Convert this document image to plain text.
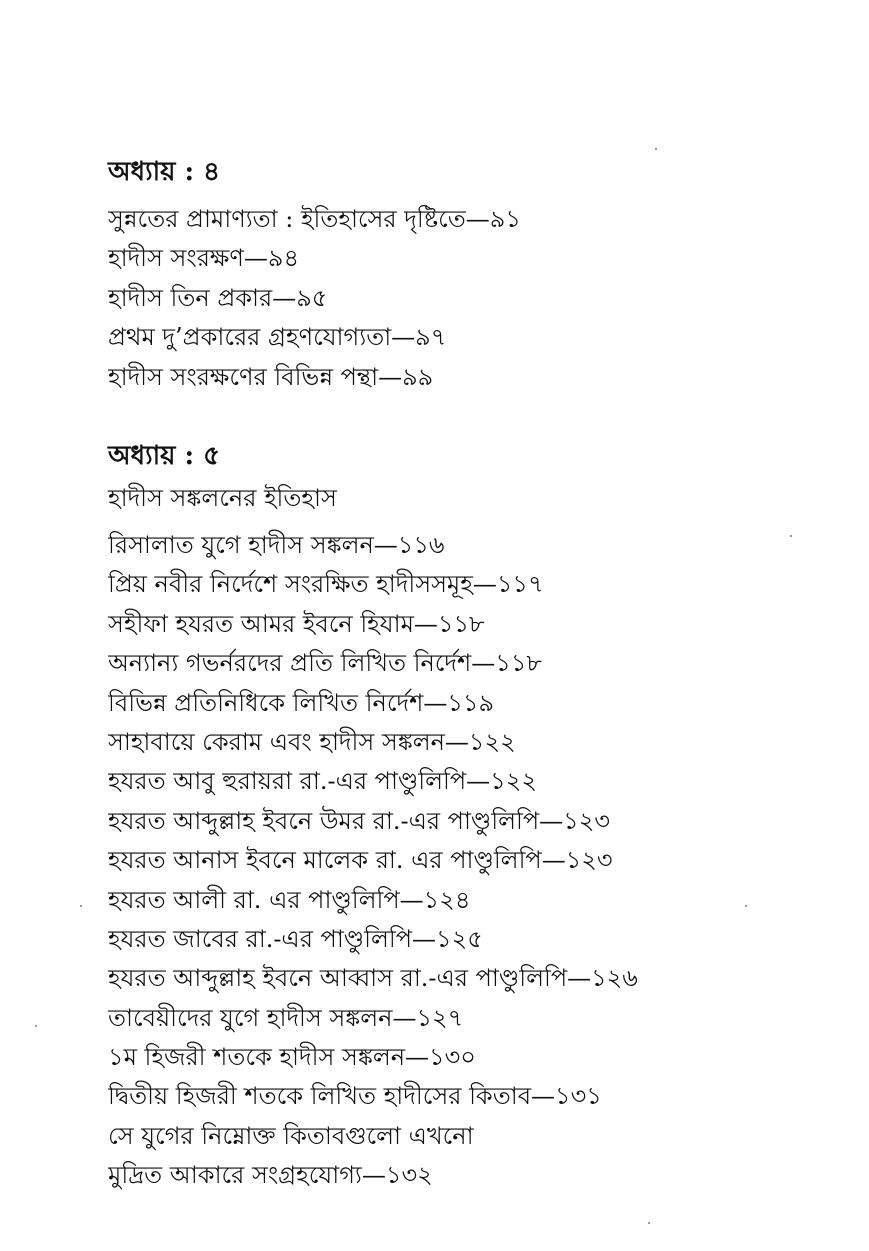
অধ্যায় : ৪
সুন্নতের প্রামাণ্যতা : ইতিহাসের দৃষ্টিতে—৯১
হাদীস সংরক্ষণ—৯৪
হাদীস তিন প্রকার—৯৫
প্রথম দু’প্রকারের গ্রহণযোগ্যতা—৯৭
হাদীস সংরক্ষণের বিভিন্ন পন্থা—৯৯
অধ্যায় : ৫
হাদীস সঙ্কলনের ইতিহাস
রিসালাত যুগে হাদীস সঙ্কলন—১১৬
প্রিয় নবীর নির্দেশে সংরক্ষিত হাদীসসমূহ—১১৭
সহীফা হযরত আমর ইবনে হিযাম—১১৮
অন্যান্য গভর্নরদের প্রতি লিখিত নির্দেশ—১১৮
বিভিন্ন প্রতিনিধিকে লিখিত নির্দেশ—১১৯
সাহাবায়ে কেরাম এবং হাদীস সঙ্কলন—১২২
হযরত আবু হুরায়রা রা.-এর পাণ্ডুলিপি—১২২
হযরত আব্দুল্লাহ ইবনে উমর রা.-এর পাণ্ডুলিপি—১২৩
হযরত আনাস ইবনে মালেক রা. এর পাণ্ডুলিপি—১২৩
হযরত আলী রা. এর পাণ্ডুলিপি—১২৪
হযরত জাবের রা.-এর পাণ্ডুলিপি—১২৫
হযরত আব্দুল্লাহ ইবনে আব্বাস রা.-এর পাণ্ডুলিপি—১২৬
তাবেয়ীদের যুগে হাদীস সঙ্কলন—১২৭
১ম হিজরী শতকে হাদীস সঙ্কলন—১৩০
দ্বিতীয় হিজরী শতকে লিখিত হাদীসের কিতাব—১৩১
সে যুগের নিম্নোক্ত কিতাবগুলো এখনো
মুদ্রিত আকারে সংগ্রহযোগ্য—১৩২
